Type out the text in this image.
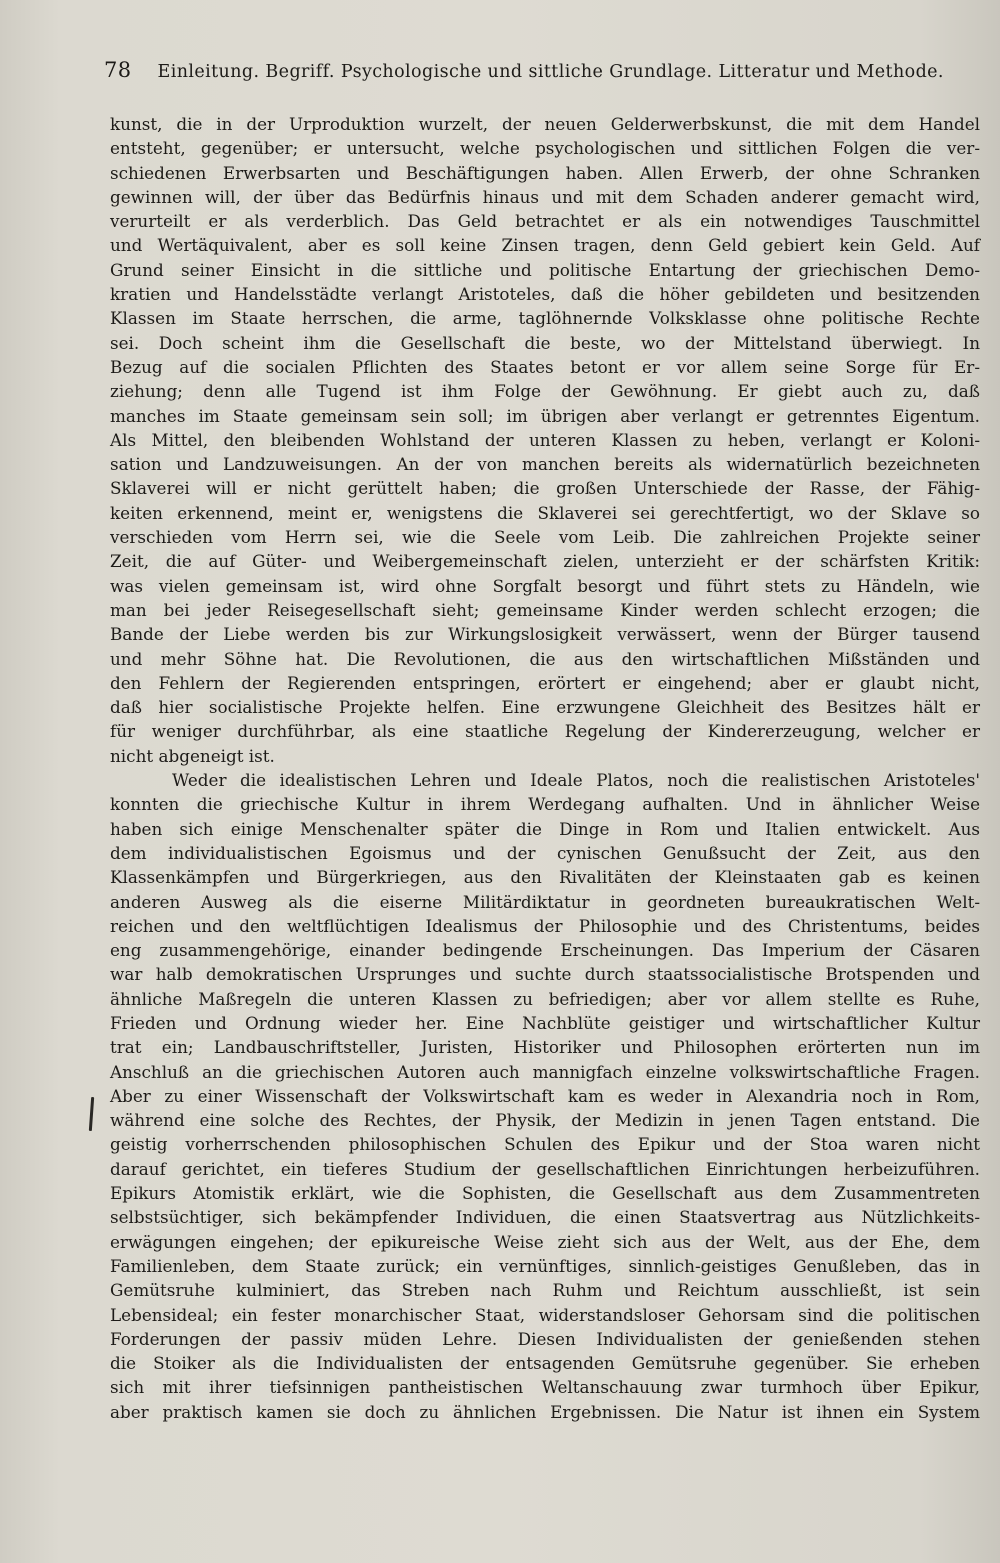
78 Einleitung. Begriff. Psychologische und sittliche Grundlage. Litteratur und Methode.
kunst, die in der Urproduktion wurzelt, der neuen Gelderwerbskunst, die mit dem Handel
entsteht, gegenüber; er untersucht, welche psychologischen und sittlichen Folgen die ver-
schiedenen Erwerbsarten und Beschäftigungen haben. Allen Erwerb, der ohne Schranken
gewinnen will, der über das Bedürfnis hinaus und mit dem Schaden anderer gemacht wird,
verurteilt er als verderblich. Das Geld betrachtet er als ein notwendiges Tauschmittel
und Wertäquivalent, aber es soll keine Zinsen tragen, denn Geld gebiert kein Geld. Auf
Grund seiner Einsicht in die sittliche und politische Entartung der griechischen Demo-
kratien und Handelsstädte verlangt Aristoteles, daß die höher gebildeten und besitzenden
Klassen im Staate herrschen, die arme, taglöhnernde Volksklasse ohne politische Rechte
sei. Doch scheint ihm die Gesellschaft die beste, wo der Mittelstand überwiegt. In
Bezug auf die socialen Pflichten des Staates betont er vor allem seine Sorge für Er-
ziehung; denn alle Tugend ist ihm Folge der Gewöhnung. Er giebt auch zu, daß
manches im Staate gemeinsam sein soll; im übrigen aber verlangt er getrenntes Eigentum.
Als Mittel, den bleibenden Wohlstand der unteren Klassen zu heben, verlangt er Koloni-
sation und Landzuweisungen. An der von manchen bereits als widernatürlich bezeichneten
Sklaverei will er nicht gerüttelt haben; die großen Unterschiede der Rasse, der Fähig-
keiten erkennend, meint er, wenigstens die Sklaverei sei gerechtfertigt, wo der Sklave so
verschieden vom Herrn sei, wie die Seele vom Leib. Die zahlreichen Projekte seiner
Zeit, die auf Güter- und Weibergemeinschaft zielen, unterzieht er der schärfsten Kritik:
was vielen gemeinsam ist, wird ohne Sorgfalt besorgt und führt stets zu Händeln, wie
man bei jeder Reisegesellschaft sieht; gemeinsame Kinder werden schlecht erzogen; die
Bande der Liebe werden bis zur Wirkungslosigkeit verwässert, wenn der Bürger tausend
und mehr Söhne hat. Die Revolutionen, die aus den wirtschaftlichen Mißständen und
den Fehlern der Regierenden entspringen, erörtert er eingehend; aber er glaubt nicht,
daß hier socialistische Projekte helfen. Eine erzwungene Gleichheit des Besitzes hält er
für weniger durchführbar, als eine staatliche Regelung der Kindererzeugung, welcher er
nicht abgeneigt ist.
Weder die idealistischen Lehren und Ideale Platos, noch die realistischen Aristoteles'
konnten die griechische Kultur in ihrem Werdegang aufhalten. Und in ähnlicher Weise
haben sich einige Menschenalter später die Dinge in Rom und Italien entwickelt. Aus
dem individualistischen Egoismus und der cynischen Genußsucht der Zeit, aus den
Klassenkämpfen und Bürgerkriegen, aus den Rivalitäten der Kleinstaaten gab es keinen
anderen Ausweg als die eiserne Militärdiktatur in geordneten bureaukratischen Welt-
reichen und den weltflüchtigen Idealismus der Philosophie und des Christentums, beides
eng zusammengehörige, einander bedingende Erscheinungen. Das Imperium der Cäsaren
war halb demokratischen Ursprunges und suchte durch staatssocialistische Brotspenden und
ähnliche Maßregeln die unteren Klassen zu befriedigen; aber vor allem stellte es Ruhe,
Frieden und Ordnung wieder her. Eine Nachblüte geistiger und wirtschaftlicher Kultur
trat ein; Landbauschriftsteller, Juristen, Historiker und Philosophen erörterten nun im
Anschluß an die griechischen Autoren auch mannigfach einzelne volkswirtschaftliche Fragen.
Aber zu einer Wissenschaft der Volkswirtschaft kam es weder in Alexandria noch in Rom,
während eine solche des Rechtes, der Physik, der Medizin in jenen Tagen entstand. Die
geistig vorherrschenden philosophischen Schulen des Epikur und der Stoa waren nicht
darauf gerichtet, ein tieferes Studium der gesellschaftlichen Einrichtungen herbeizuführen.
Epikurs Atomistik erklärt, wie die Sophisten, die Gesellschaft aus dem Zusammentreten
selbstsüchtiger, sich bekämpfender Individuen, die einen Staatsvertrag aus Nützlichkeits-
erwägungen eingehen; der epikureische Weise zieht sich aus der Welt, aus der Ehe, dem
Familienleben, dem Staate zurück; ein vernünftiges, sinnlich-geistiges Genußleben, das in
Gemütsruhe kulminiert, das Streben nach Ruhm und Reichtum ausschließt, ist sein
Lebensideal; ein fester monarchischer Staat, widerstandsloser Gehorsam sind die politischen
Forderungen der passiv müden Lehre. Diesen Individualisten der genießenden stehen
die Stoiker als die Individualisten der entsagenden Gemütsruhe gegenüber. Sie erheben
sich mit ihrer tiefsinnigen pantheistischen Weltanschauung zwar turmhoch über Epikur,
aber praktisch kamen sie doch zu ähnlichen Ergebnissen. Die Natur ist ihnen ein System
